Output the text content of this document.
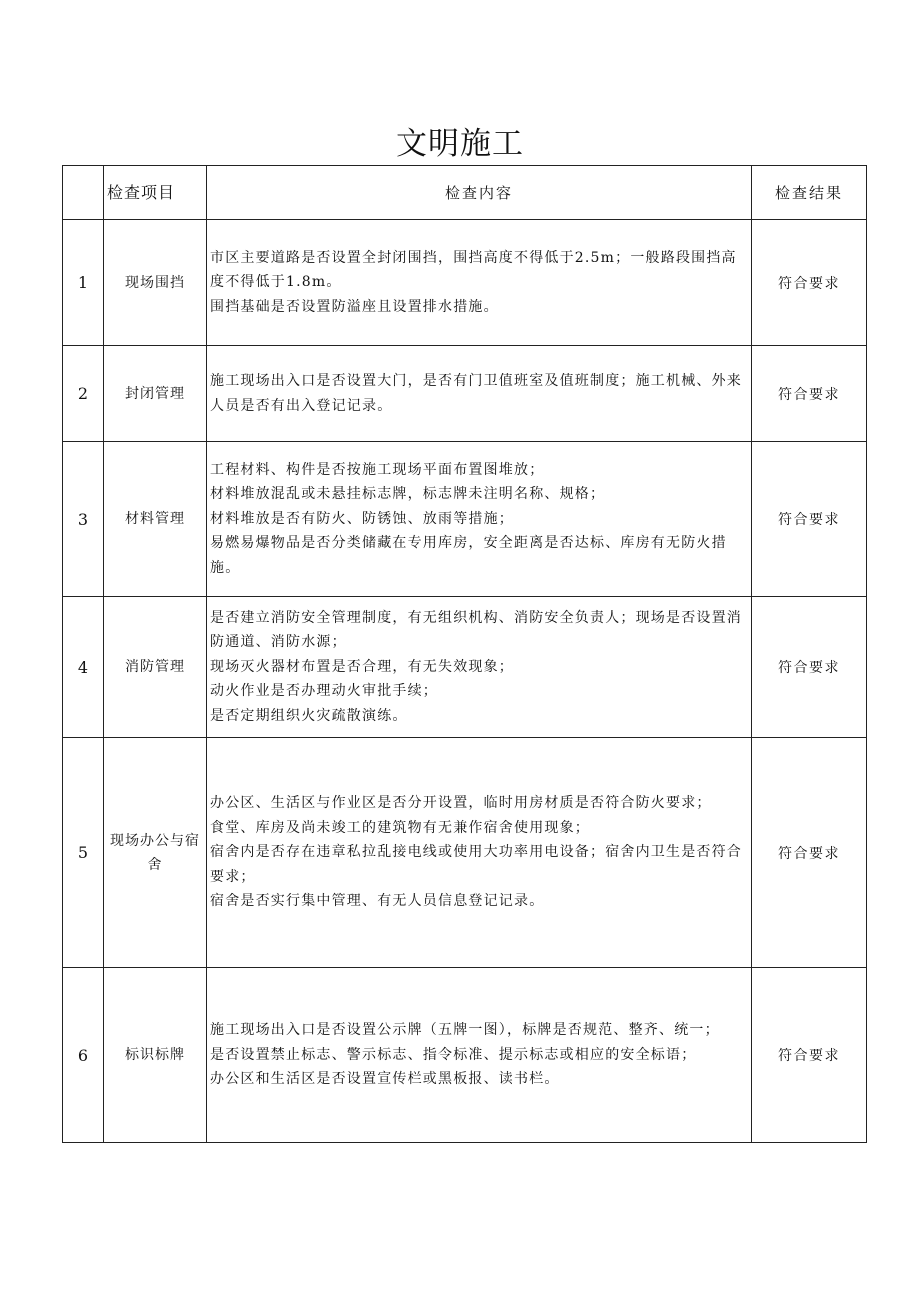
文明施工
	检查项目	检查内容	检查结果
1	现场围挡	市区主要道路是否设置全封闭围挡，围挡高度不得低于2.5m；一般路段围挡高度不得低于1.8m。
围挡基础是否设置防溢座且设置排水措施。	符合要求
2	封闭管理	施工现场出入口是否设置大门，是否有门卫值班室及值班制度；施工机械、外来人员是否有出入登记记录。	符合要求
3	材料管理	工程材料、构件是否按施工现场平面布置图堆放；
材料堆放混乱或未悬挂标志牌，标志牌未注明名称、规格；
材料堆放是否有防火、防锈蚀、放雨等措施；
易燃易爆物品是否分类储藏在专用库房，安全距离是否达标、库房有无防火措施。	符合要求
4	消防管理	是否建立消防安全管理制度，有无组织机构、消防安全负责人；现场是否设置消防通道、消防水源；
现场灭火器材布置是否合理，有无失效现象；
动火作业是否办理动火审批手续；
是否定期组织火灾疏散演练。	符合要求
5	现场办公与宿舍	办公区、生活区与作业区是否分开设置，临时用房材质是否符合防火要求；
食堂、库房及尚未竣工的建筑物有无兼作宿舍使用现象；
宿舍内是否存在违章私拉乱接电线或使用大功率用电设备；宿舍内卫生是否符合要求；
宿舍是否实行集中管理、有无人员信息登记记录。	符合要求
6	标识标牌	施工现场出入口是否设置公示牌（五牌一图），标牌是否规范、整齐、统一；
是否设置禁止标志、警示标志、指令标准、提示标志或相应的安全标语；
办公区和生活区是否设置宣传栏或黑板报、读书栏。	符合要求
